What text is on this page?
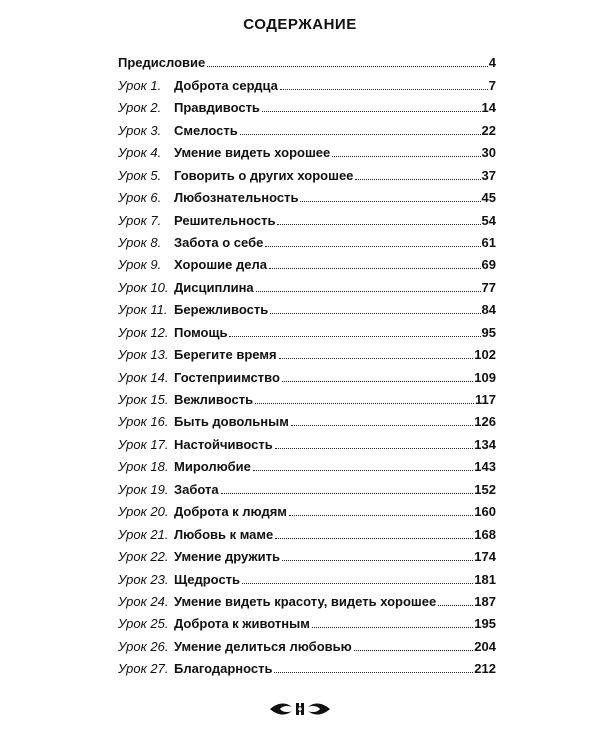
СОДЕРЖАНИЕ
Предисловие	4
Урок 1. Доброта сердца	7
Урок 2. Правдивость	14
Урок 3. Смелость	22
Урок 4. Умение видеть хорошее	30
Урок 5. Говорить о других хорошее	37
Урок 6. Любознательность	45
Урок 7. Решительность	54
Урок 8. Забота о себе	61
Урок 9. Хорошие дела	69
Урок 10. Дисциплина	77
Урок 11. Бережливость	84
Урок 12. Помощь	95
Урок 13. Берегите время	102
Урок 14. Гостеприимство	109
Урок 15. Вежливость	117
Урок 16. Быть довольным	126
Урок 17. Настойчивость	134
Урок 18. Миролюбие	143
Урок 19. Забота	152
Урок 20. Доброта к людям	160
Урок 21. Любовь к маме	168
Урок 22. Умение дружить	174
Урок 23. Щедрость	181
Урок 24. Умение видеть красоту, видеть хорошее	187
Урок 25. Доброта к животным	195
Урок 26. Умение делиться любовью	204
Урок 27. Благодарность	212
